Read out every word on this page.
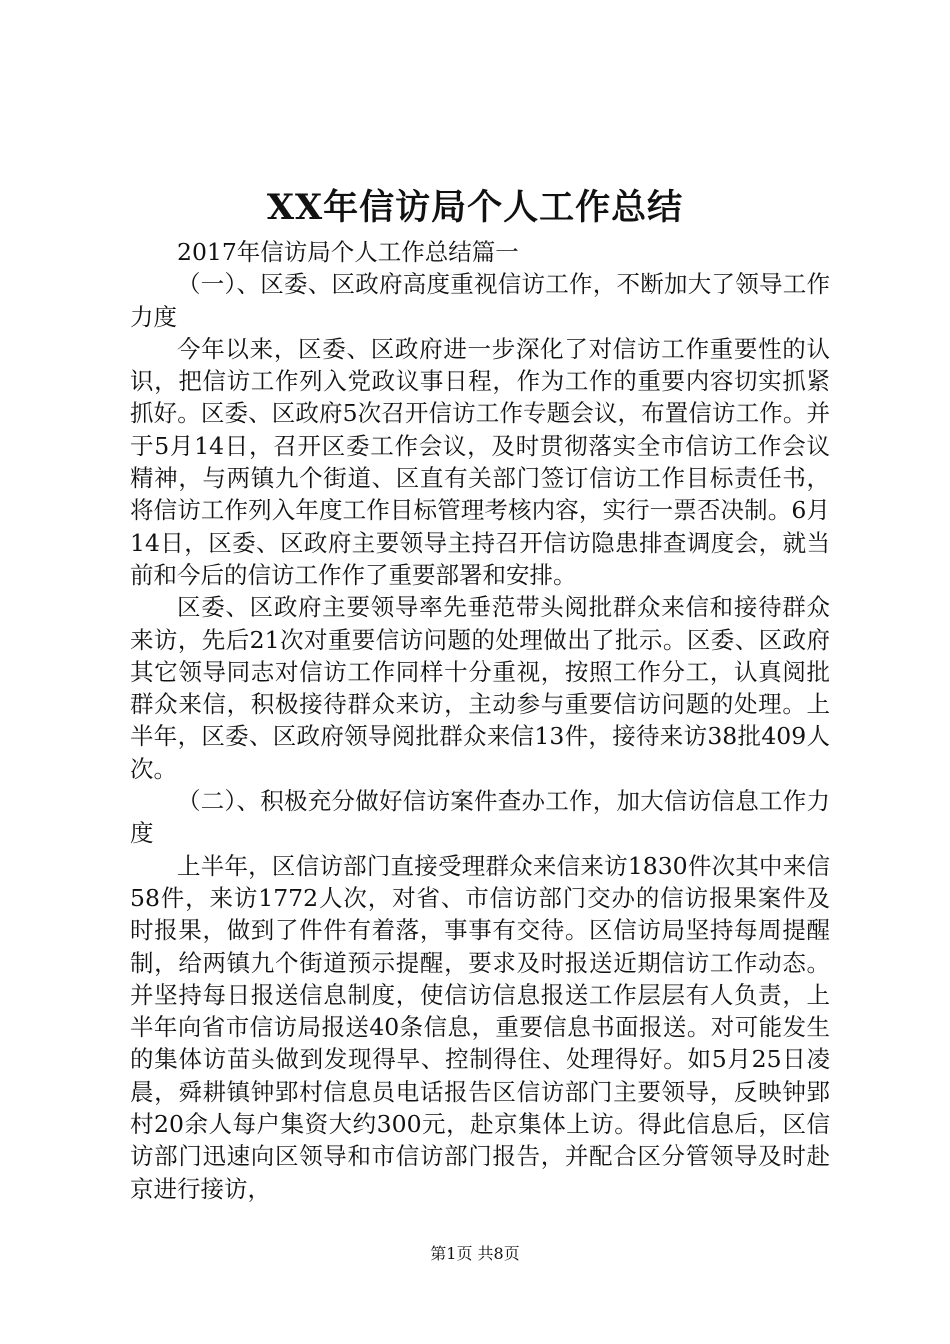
XX年信访局个人工作总结

2017年信访局个人工作总结篇一

（一）、区委、区政府高度重视信访工作，不断加大了领导工作力度

今年以来，区委、区政府进一步深化了对信访工作重要性的认识，把信访工作列入党政议事日程，作为工作的重要内容切实抓紧抓好。区委、区政府5次召开信访工作专题会议，布置信访工作。并于5月14日，召开区委工作会议，及时贯彻落实全市信访工作会议精神，与两镇九个街道、区直有关部门签订信访工作目标责任书，将信访工作列入年度工作目标管理考核内容，实行一票否决制。6月14日，区委、区政府主要领导主持召开信访隐患排查调度会，就当前和今后的信访工作作了重要部署和安排。

区委、区政府主要领导率先垂范带头阅批群众来信和接待群众来访，先后21次对重要信访问题的处理做出了批示。区委、区政府其它领导同志对信访工作同样十分重视，按照工作分工，认真阅批群众来信，积极接待群众来访，主动参与重要信访问题的处理。上半年，区委、区政府领导阅批群众来信13件，接待来访38批409人次。

（二）、积极充分做好信访案件查办工作，加大信访信息工作力度

上半年，区信访部门直接受理群众来信来访1830件次其中来信58件，来访1772人次，对省、市信访部门交办的信访报果案件及时报果，做到了件件有着落，事事有交待。区信访局坚持每周提醒制，给两镇九个街道预示提醒，要求及时报送近期信访工作动态。并坚持每日报送信息制度，使信访信息报送工作层层有人负责，上半年向省市信访局报送40条信息，重要信息书面报送。对可能发生的集体访苗头做到发现得早、控制得住、处理得好。如5月25日凌晨，舜耕镇钟郢村信息员电话报告区信访部门主要领导，反映钟郢村20余人每户集资大约300元，赴京集体上访。得此信息后，区信访部门迅速向区领导和市信访部门报告，并配合区分管领导及时赴京进行接访，

第1页 共8页
